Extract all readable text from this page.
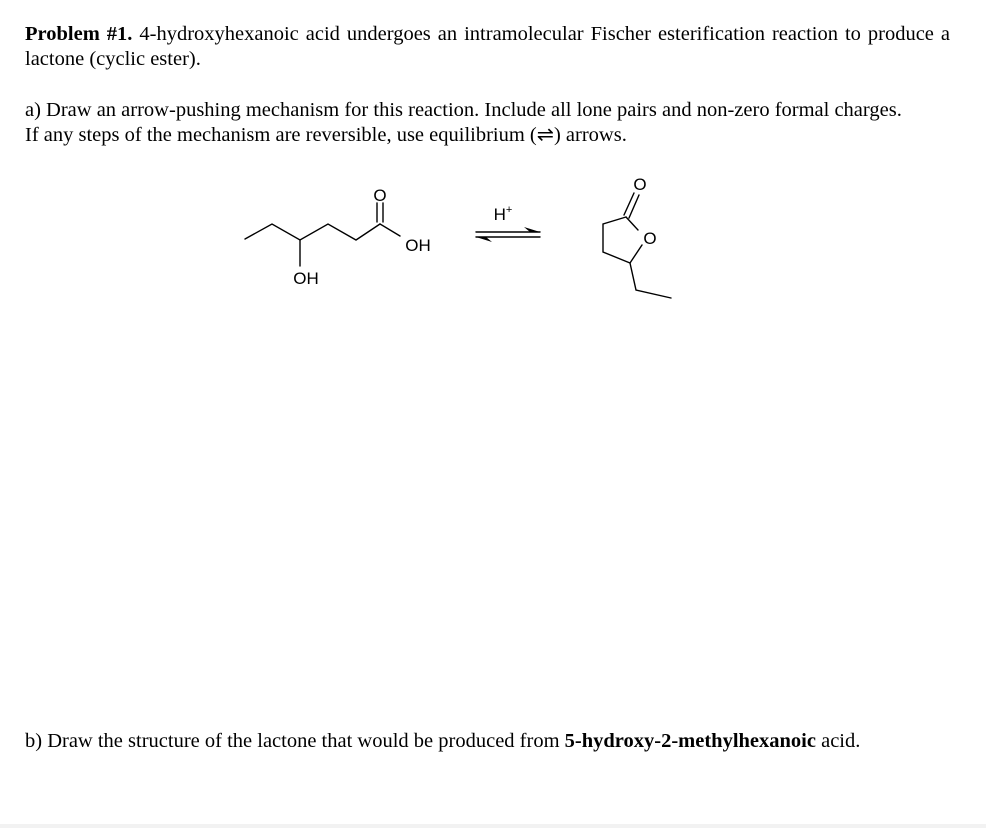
Problem #1. 4-hydroxyhexanoic acid undergoes an intramolecular Fischer esterification reaction to produce a lactone (cyclic ester).
a) Draw an arrow-pushing mechanism for this reaction. Include all lone pairs and non-zero formal charges. If any steps of the mechanism are reversible, use equilibrium (⇌) arrows.
O
OH
OH
H+
O
O
b) Draw the structure of the lactone that would be produced from 5-hydroxy-2-methylhexanoic acid.
